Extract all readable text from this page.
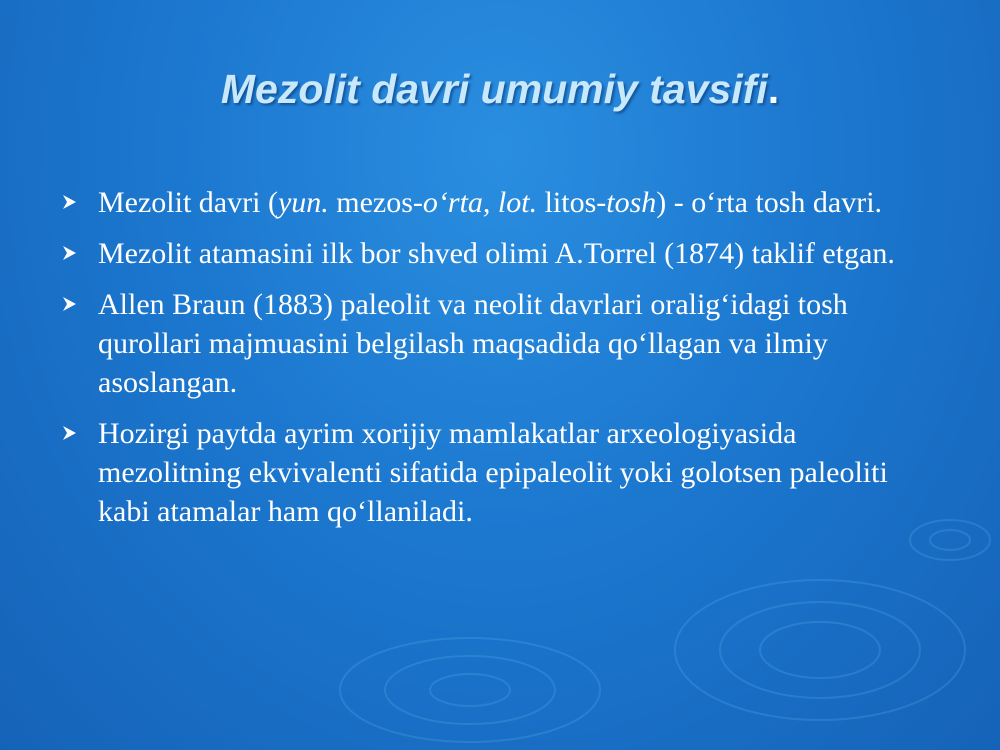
Mezolit davri umumiy tavsifi.
Mezolit davri (yun. mezos-o‘rta, lot. litos-tosh) - o‘rta tosh davri.
Mezolit atamasini ilk bor shved olimi A.Torrel (1874) taklif etgan.
Allen Braun (1883) paleolit va neolit davrlari oralig‘idagi tosh qurollari majmuasini belgilash maqsadida qo‘llagan va ilmiy asoslangan.
Hozirgi paytda ayrim xorijiy mamlakatlar arxeologiyasida mezolitning ekvivalenti sifatida epipaleolit yoki golotsen paleoliti kabi atamalar ham qo‘llaniladi.
